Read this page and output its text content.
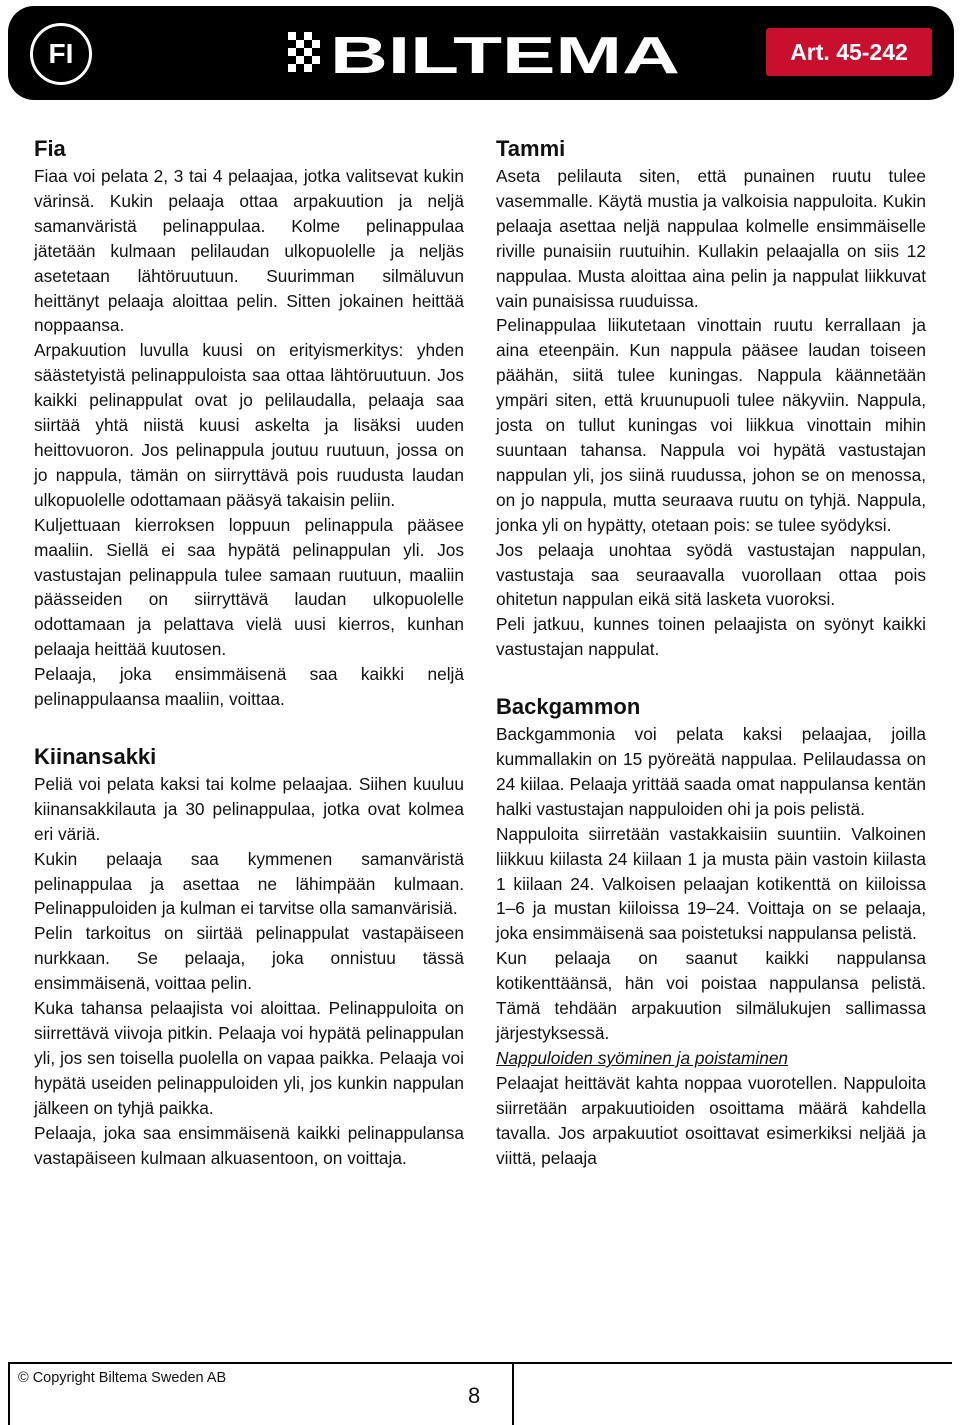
FI	BILTEMA	Art. 45-242
Fia

Fiaa voi pelata 2, 3 tai 4 pelaajaa, jotka valitsevat kukin värinsä. Kukin pelaaja ottaa arpakuution ja neljä samanväristä pelinappulaa. Kolme pelinappulaa jätetään kulmaan pelilaudan ulkopuolelle ja neljäs asetetaan lähtöruutuun. Suurimman silmäluvun heittänyt pelaaja aloittaa pelin. Sitten jokainen heittää noppaansa.

Arpakuution luvulla kuusi on erityismerkitys: yhden säästetyistä pelinappuloista saa ottaa lähtöruutuun. Jos kaikki pelinappulat ovat jo pelilaudalla, pelaaja saa siirtää yhtä niistä kuusi askelta ja lisäksi uuden heittovuoron. Jos pelinappula joutuu ruutuun, jossa on jo nappula, tämän on siirryttävä pois ruudusta laudan ulkopuolelle odottamaan pääsyä takaisin peliin.

Kuljettuaan kierroksen loppuun pelinappula pääsee maaliin. Siellä ei saa hypätä pelinappulan yli. Jos vastustajan pelinappula tulee samaan ruutuun, maaliin päässeiden on siirryttävä laudan ulkopuolelle odottamaan ja pelattava vielä uusi kierros, kunhan pelaaja heittää kuutosen.

Pelaaja, joka ensimmäisenä saa kaikki neljä pelinappulaansa maaliin, voittaa.

Kiinansakki

Peliä voi pelata kaksi tai kolme pelaajaa. Siihen kuuluu kiinansakkilauta ja 30 pelinappulaa, jotka ovat kolmea eri väriä.

Kukin pelaaja saa kymmenen samanväristä pelinappulaa ja asettaa ne lähimpään kulmaan. Pelinappuloiden ja kulman ei tarvitse olla samanvärisiä.

Pelin tarkoitus on siirtää pelinappulat vastapäiseen nurkkaan. Se pelaaja, joka onnistuu tässä ensimmäisenä, voittaa pelin.

Kuka tahansa pelaajista voi aloittaa. Pelinappuloita on siirrettävä viivoja pitkin. Pelaaja voi hypätä pelinappulan yli, jos sen toisella puolella on vapaa paikka. Pelaaja voi hypätä useiden pelinappuloiden yli, jos kunkin nappulan jälkeen on tyhjä paikka.

Pelaaja, joka saa ensimmäisenä kaikki pelinappulansa vastapäiseen kulmaan alkuasentoon, on voittaja.

Tammi

Aseta pelilauta siten, että punainen ruutu tulee vasemmalle. Käytä mustia ja valkoisia nappuloita. Kukin pelaaja asettaa neljä nappulaa kolmelle ensimmäiselle riville punaisiin ruutuihin. Kullakin pelaajalla on siis 12 nappulaa. Musta aloittaa aina pelin ja nappulat liikkuvat vain punaisissa ruuduissa.

Pelinappulaa liikutetaan vinottain ruutu kerrallaan ja aina eteenpäin. Kun nappula pääsee laudan toiseen päähän, siitä tulee kuningas. Nappula käännetään ympäri siten, että kruunupuoli tulee näkyviin. Nappula, josta on tullut kuningas voi liikkua vinottain mihin suuntaan tahansa. Nappula voi hypätä vastustajan nappulan yli, jos siinä ruudussa, johon se on menossa, on jo nappula, mutta seuraava ruutu on tyhjä. Nappula, jonka yli on hypätty, otetaan pois: se tulee syödyksi.

Jos pelaaja unohtaa syödä vastustajan nappulan, vastustaja saa seuraavalla vuorollaan ottaa pois ohitetun nappulan eikä sitä lasketa vuoroksi.

Peli jatkuu, kunnes toinen pelaajista on syönyt kaikki vastustajan nappulat.

Backgammon

Backgammonia voi pelata kaksi pelaajaa, joilla kummallakin on 15 pyöreätä nappulaa. Pelilaudassa on 24 kiilaa. Pelaaja yrittää saada omat nappulansa kentän halki vastustajan nappuloiden ohi ja pois pelistä.

Nappuloita siirretään vastakkaisiin suuntiin. Valkoinen liikkuu kiilasta 24 kiilaan 1 ja musta päin vastoin kiilasta 1 kiilaan 24. Valkoisen pelaajan kotikenttä on kiiloissa 1–6 ja mustan kiiloissa 19–24. Voittaja on se pelaaja, joka ensimmäisenä saa poistetuksi nappulansa pelistä.

Kun pelaaja on saanut kaikki nappulansa kotikenttäänsä, hän voi poistaa nappulansa pelistä. Tämä tehdään arpakuution silmälukujen sallimassa järjestyksessä.

Nappuloiden syöminen ja poistaminen

Pelaajat heittävät kahta noppaa vuorotellen. Nappuloita siirretään arpakuutioiden osoittama määrä kahdella tavalla. Jos arpakuutiot osoittavat esimerkiksi neljää ja viittä, pelaaja

© Copyright Biltema Sweden AB
8
